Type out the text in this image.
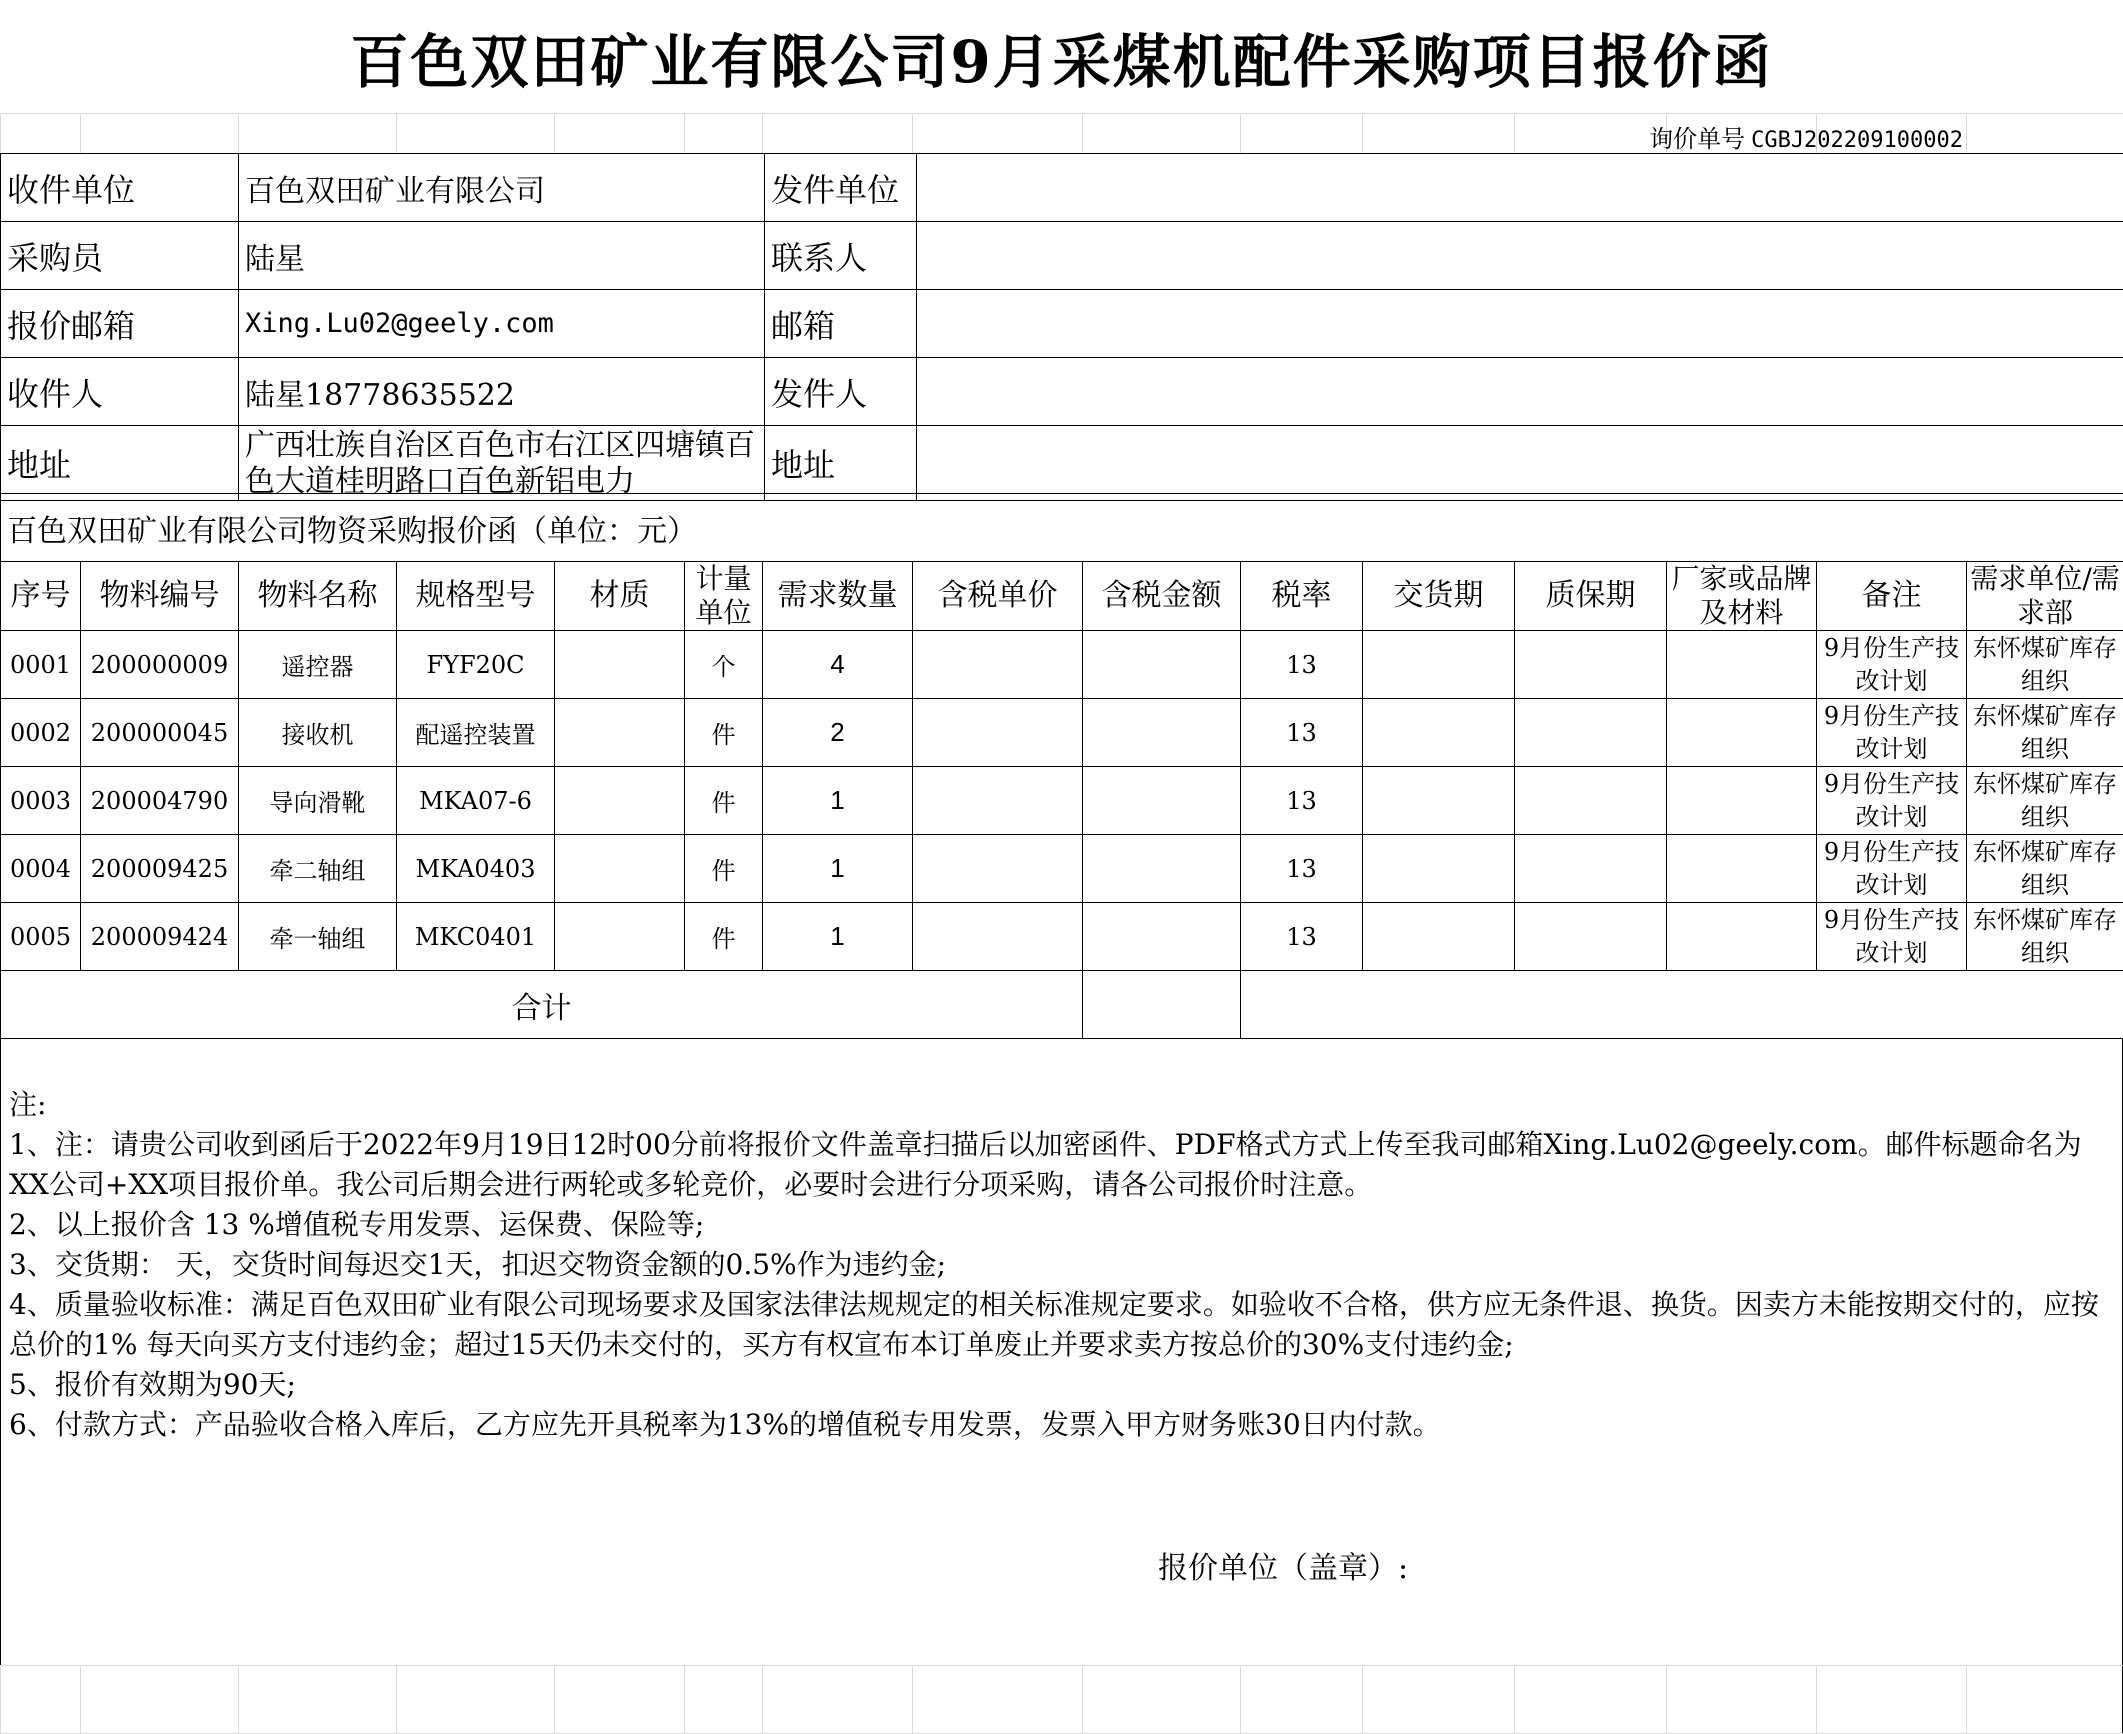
百色双田矿业有限公司9月采煤机配件采购项目报价函

询价单号 CGBJ202209100002
收件单位	百色双田矿业有限公司	发件单位	
采购员	陆星	联系人	
报价邮箱	Xing.Lu02@geely.com	邮箱	
收件人	陆星18778635522	发件人	
地址	广西壮族自治区百色市右江区四塘镇百色大道桂明路口百色新铝电力	地址	
百色双田矿业有限公司物资采购报价函（单位：元）														
序号	物料编号	物料名称	规格型号	材质	计量单位	需求数量	含税单价	含税金额	税率	交货期	质保期	厂家或品牌及材料	备注	需求单位/需求部
0001	200000009	遥控器	FYF20C		个	4			13				9月份生产技改计划	东怀煤矿库存组织
0002	200000045	接收机	配遥控装置		件	2			13				9月份生产技改计划	东怀煤矿库存组织
0003	200004790	导向滑靴	MKA07-6		件	1			13				9月份生产技改计划	东怀煤矿库存组织
0004	200009425	牵二轴组	MKA0403		件	1			13				9月份生产技改计划	东怀煤矿库存组织
0005	200009424	牵一轴组	MKC0401		件	1			13				9月份生产技改计划	东怀煤矿库存组织
合计														
注:
1、注：请贵公司收到函后于2022年9月19日12时00分前将报价文件盖章扫描后以加密函件、PDF格式方式上传至我司邮箱Xing.Lu02@geely.com。邮件标题命名为XX公司+XX项目报价单。我公司后期会进行两轮或多轮竞价，必要时会进行分项采购，请各公司报价时注意。
2、以上报价含 13 %增值税专用发票、运保费、保险等;
3、交货期： 天，交货时间每迟交1天，扣迟交物资金额的0.5%作为违约金;
4、质量验收标准：满足百色双田矿业有限公司现场要求及国家法律法规规定的相关标准规定要求。如验收不合格，供方应无条件退、换货。因卖方未能按期交付的，应按总价的1% 每天向买方支付违约金；超过15天仍未交付的，买方有权宣布本订单废止并要求卖方按总价的30%支付违约金;
5、报价有效期为90天;
6、付款方式：产品验收合格入库后，乙方应先开具税率为13%的增值税专用发票，发票入甲方财务账30日内付款。
报价单位（盖章）:
